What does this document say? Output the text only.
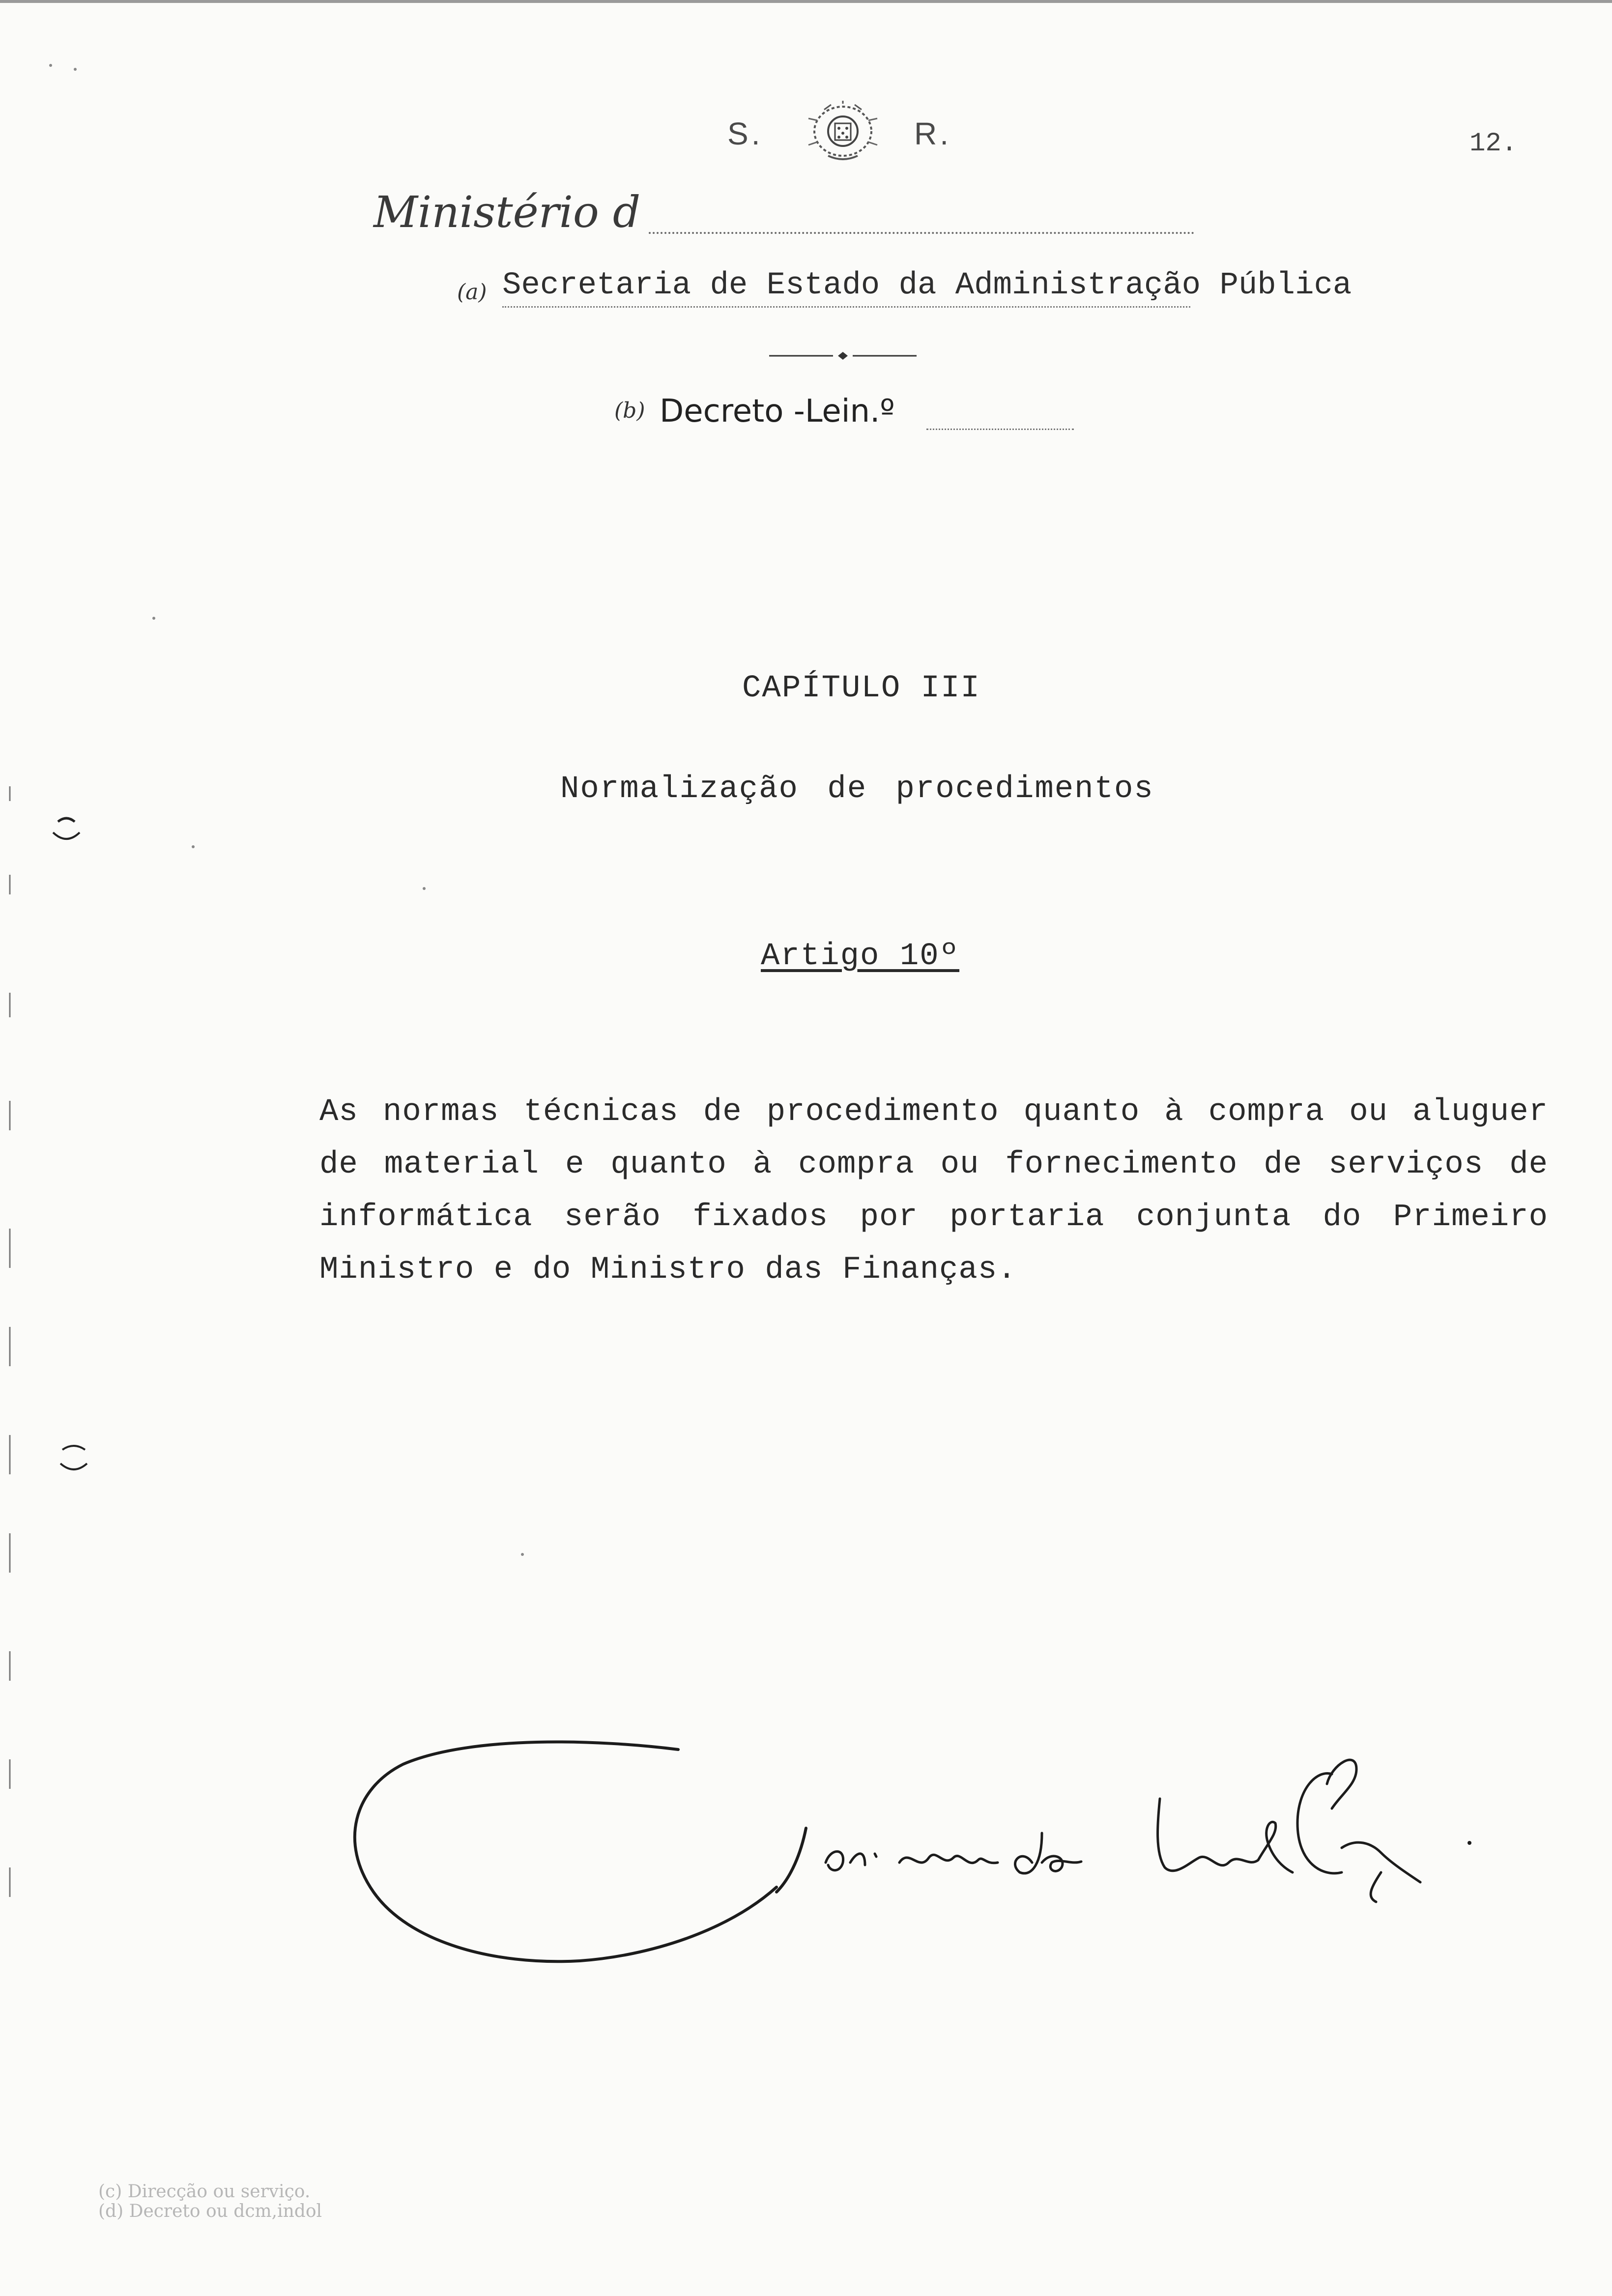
S.	R.	12.
Ministério d
(a) Secretaria de Estado da Administração Pública
(b) Decreto -Lein.º
CAPÍTULO III
Normalização de procedimentos
Artigo 10º
As normas técnicas de procedimento quanto à compra ou aluguer
de material e quanto à compra ou fornecimento de serviços de
informática serão fixados por portaria conjunta do Primeiro
Ministro e do Ministro das Finanças.
(c) Direcção ou serviço.
(d) Decreto ou dcm,indol
